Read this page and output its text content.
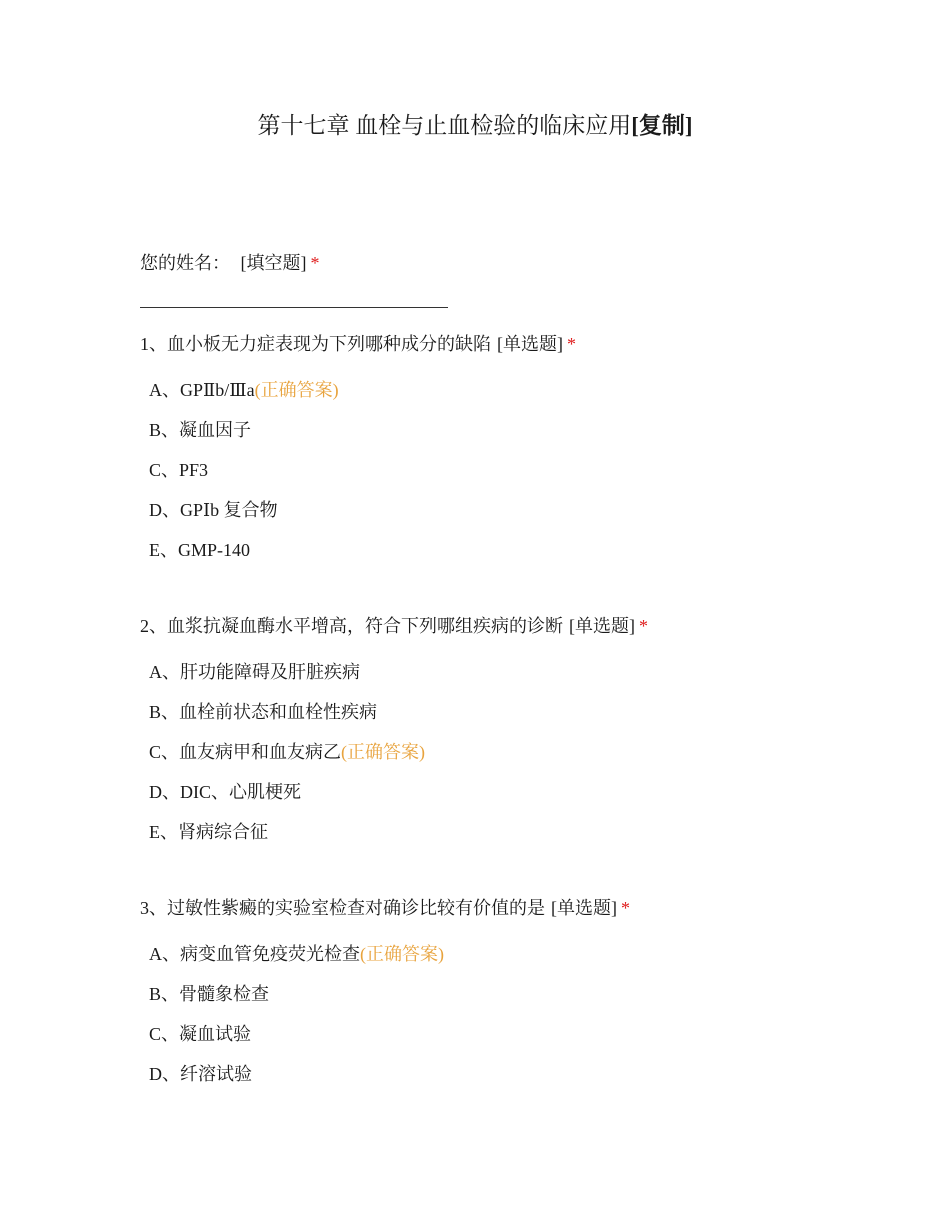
第十七章 血栓与止血检验的临床应用[复制]
您的姓名： [填空题] *
1、血小板无力症表现为下列哪种成分的缺陷 [单选题] *
A、GPⅡb/Ⅲa(正确答案)
B、凝血因子
C、PF3
D、GPⅠb 复合物
E、GMP-140
2、血浆抗凝血酶水平增高，符合下列哪组疾病的诊断 [单选题] *
A、肝功能障碍及肝脏疾病
B、血栓前状态和血栓性疾病
C、血友病甲和血友病乙(正确答案)
D、DIC、心肌梗死
E、肾病综合征
3、过敏性紫癜的实验室检查对确诊比较有价值的是 [单选题] *
A、病变血管免疫荧光检查(正确答案)
B、骨髓象检查
C、凝血试验
D、纤溶试验
